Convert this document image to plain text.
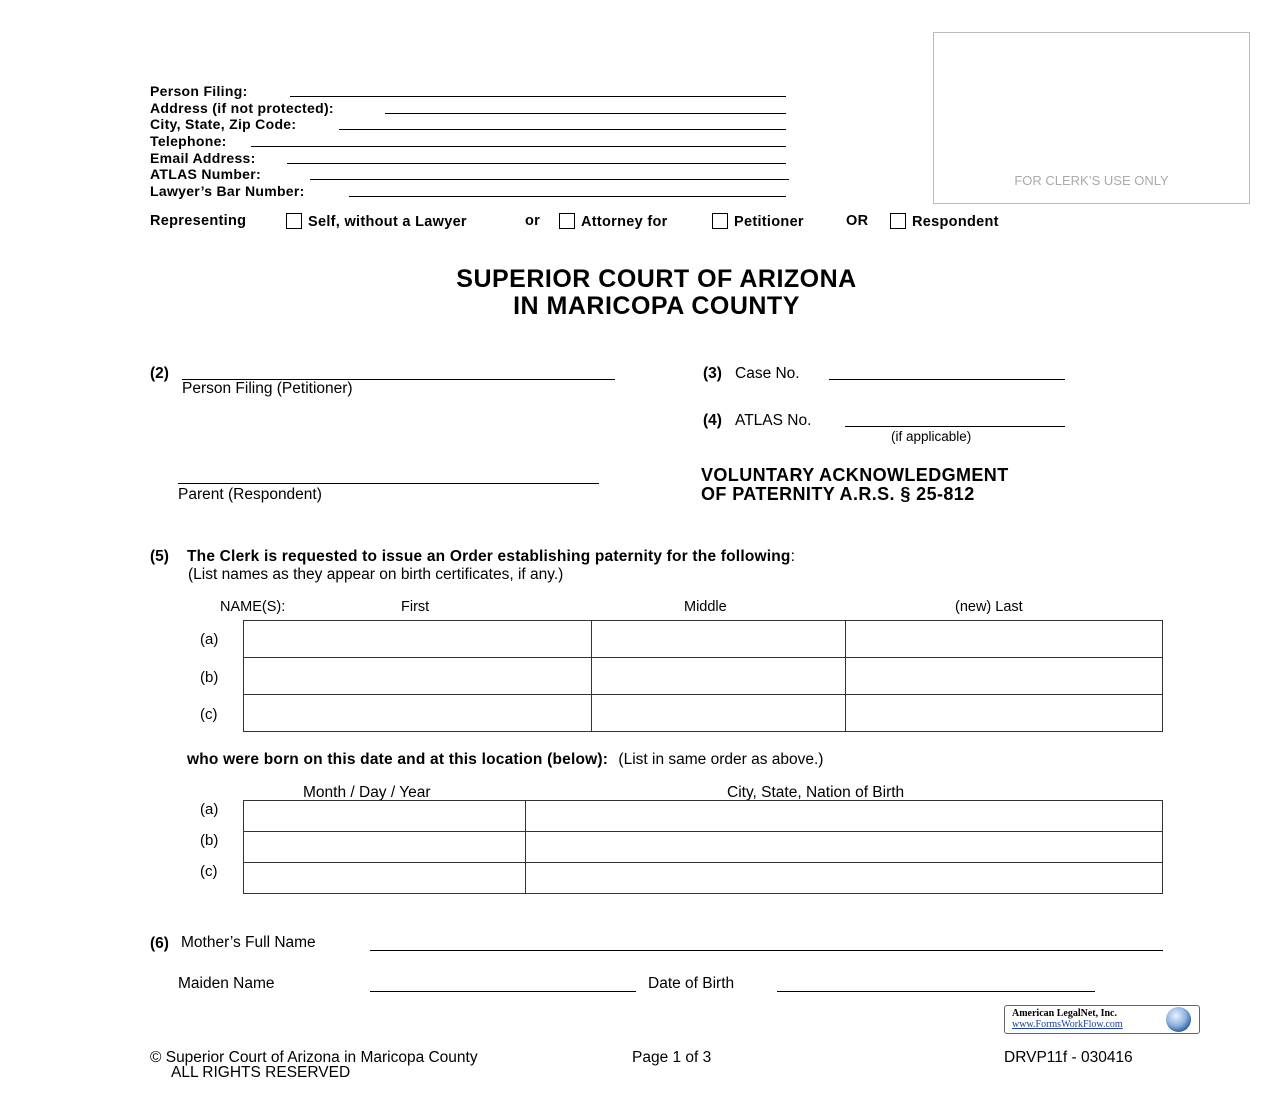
FOR CLERK’S USE ONLY
Person Filing:
Address (if not protected):
City, State, Zip Code:
Telephone:
Email Address:
ATLAS Number:
Lawyer’s Bar Number:
Representing	Self, without a Lawyer	or	Attorney for	Petitioner	OR	Respondent
SUPERIOR COURT OF ARIZONA
IN MARICOPA COUNTY
(2)
Person Filing (Petitioner)
Parent (Respondent)
(3) Case No.
(4) ATLAS No.
(if applicable)
VOLUNTARY ACKNOWLEDGMENT
OF PATERNITY A.R.S. § 25-812
(5) The Clerk is requested to issue an Order establishing paternity for the following:
(List names as they appear on birth certificates, if any.)
NAME(S):	First	Middle	(new) Last
(a)
(b)
(c)

who were born on this date and at this location (below): (List in same order as above.)
Month / Day / Year	City, State, Nation of Birth
(a)
(b)
(c)

(6) Mother’s Full Name
Maiden Name	Date of Birth
American LegalNet, Inc.
www.FormsWorkFlow.com
© Superior Court of Arizona in Maricopa County
ALL RIGHTS RESERVED
Page 1 of 3	DRVP11f - 030416
